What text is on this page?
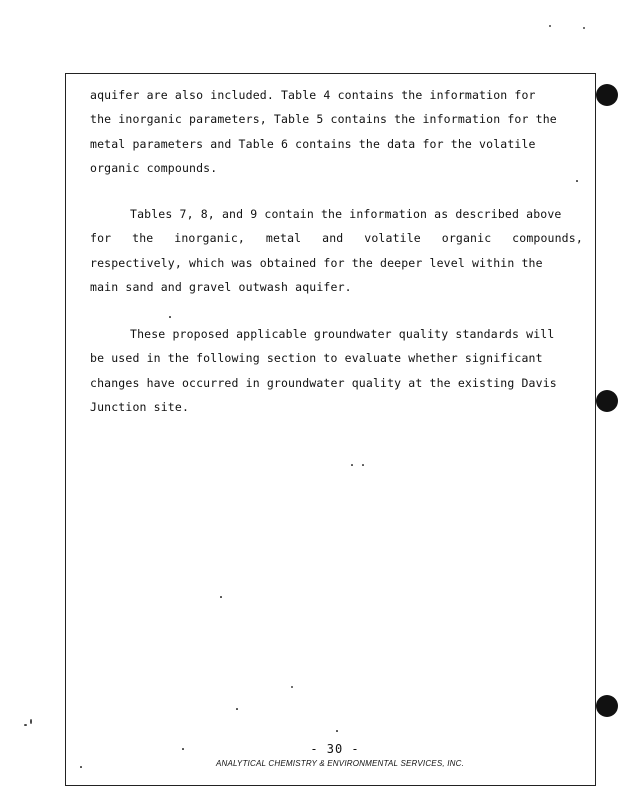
aquifer are also included. Table 4 contains the information for
the inorganic parameters, Table 5 contains the information for the
metal parameters and Table 6 contains the data for the volatile
organic compounds.
Tables 7, 8, and 9 contain the information as described above
for the inorganic, metal and volatile organic compounds,
respectively, which was obtained for the deeper level within the
main sand and gravel outwash aquifer.
These proposed applicable groundwater quality standards will
be used in the following section to evaluate whether significant
changes have occurred in groundwater quality at the existing Davis
Junction site.
- 30 -
ANALYTICAL CHEMISTRY & ENVIRONMENTAL SERVICES, INC.
